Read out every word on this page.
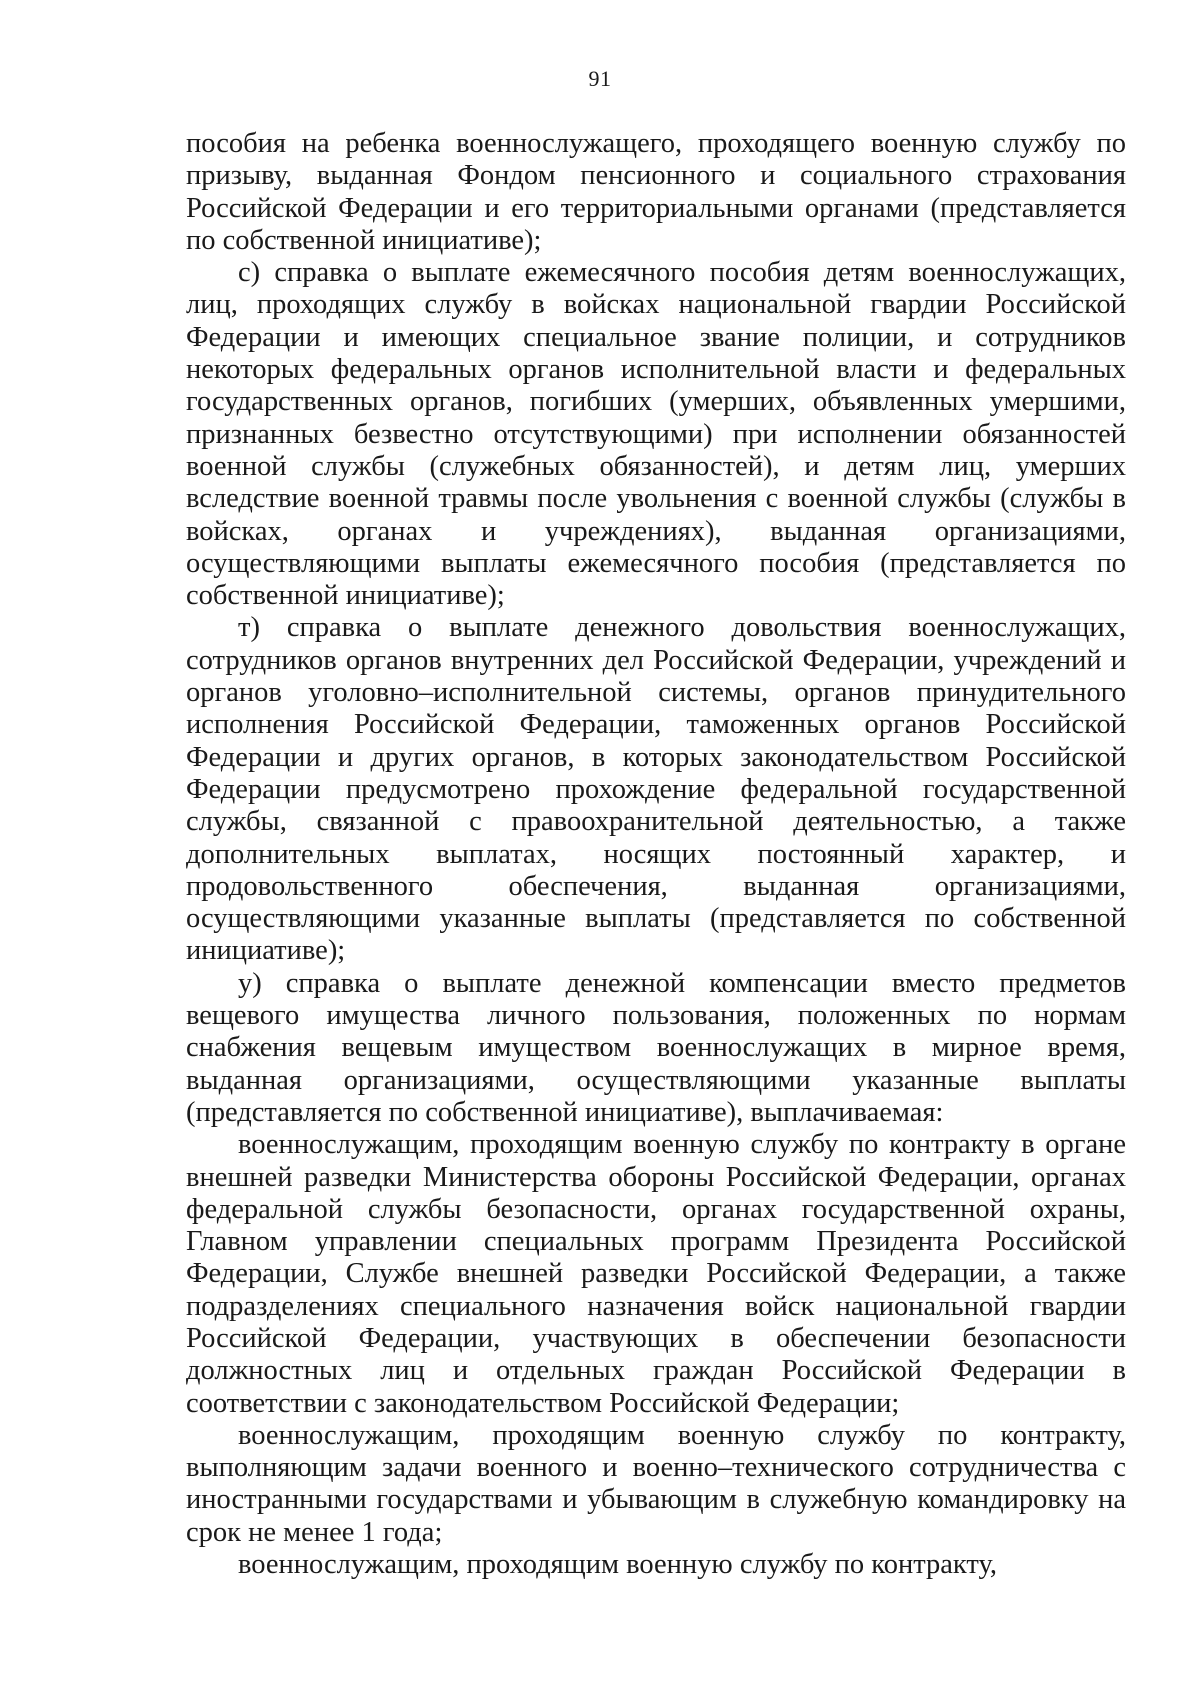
91

пособия на ребенка военнослужащего, проходящего военную службу по призыву, выданная Фондом пенсионного и социального страхования Российской Федерации и его территориальными органами (представляется по собственной инициативе);

с) справка о выплате ежемесячного пособия детям военнослужащих, лиц, проходящих службу в войсках национальной гвардии Российской Федерации и имеющих специальное звание полиции, и сотрудников некоторых федеральных органов исполнительной власти и федеральных государственных органов, погибших (умерших, объявленных умершими, признанных безвестно отсутствующими) при исполнении обязанностей военной службы (служебных обязанностей), и детям лиц, умерших вследствие военной травмы после увольнения с военной службы (службы в войсках, органах и учреждениях), выданная организациями, осуществляющими выплаты ежемесячного пособия (представляется по собственной инициативе);

т) справка о выплате денежного довольствия военнослужащих, сотрудников органов внутренних дел Российской Федерации, учреждений и органов уголовно–исполнительной системы, органов принудительного исполнения Российской Федерации, таможенных органов Российской Федерации и других органов, в которых законодательством Российской Федерации предусмотрено прохождение федеральной государственной службы, связанной с правоохранительной деятельностью, а также дополнительных выплатах, носящих постоянный характер, и продовольственного обеспечения, выданная организациями, осуществляющими указанные выплаты (представляется по собственной инициативе);

у) справка о выплате денежной компенсации вместо предметов вещевого имущества личного пользования, положенных по нормам снабжения вещевым имуществом военнослужащих в мирное время, выданная организациями, осуществляющими указанные выплаты (представляется по собственной инициативе), выплачиваемая:

военнослужащим, проходящим военную службу по контракту в органе внешней разведки Министерства обороны Российской Федерации, органах федеральной службы безопасности, органах государственной охраны, Главном управлении специальных программ Президента Российской Федерации, Службе внешней разведки Российской Федерации, а также подразделениях специального назначения войск национальной гвардии Российской Федерации, участвующих в обеспечении безопасности должностных лиц и отдельных граждан Российской Федерации в соответствии с законодательством Российской Федерации;

военнослужащим, проходящим военную службу по контракту, выполняющим задачи военного и военно–технического сотрудничества с иностранными государствами и убывающим в служебную командировку на срок не менее 1 года;

военнослужащим, проходящим военную службу по контракту,
